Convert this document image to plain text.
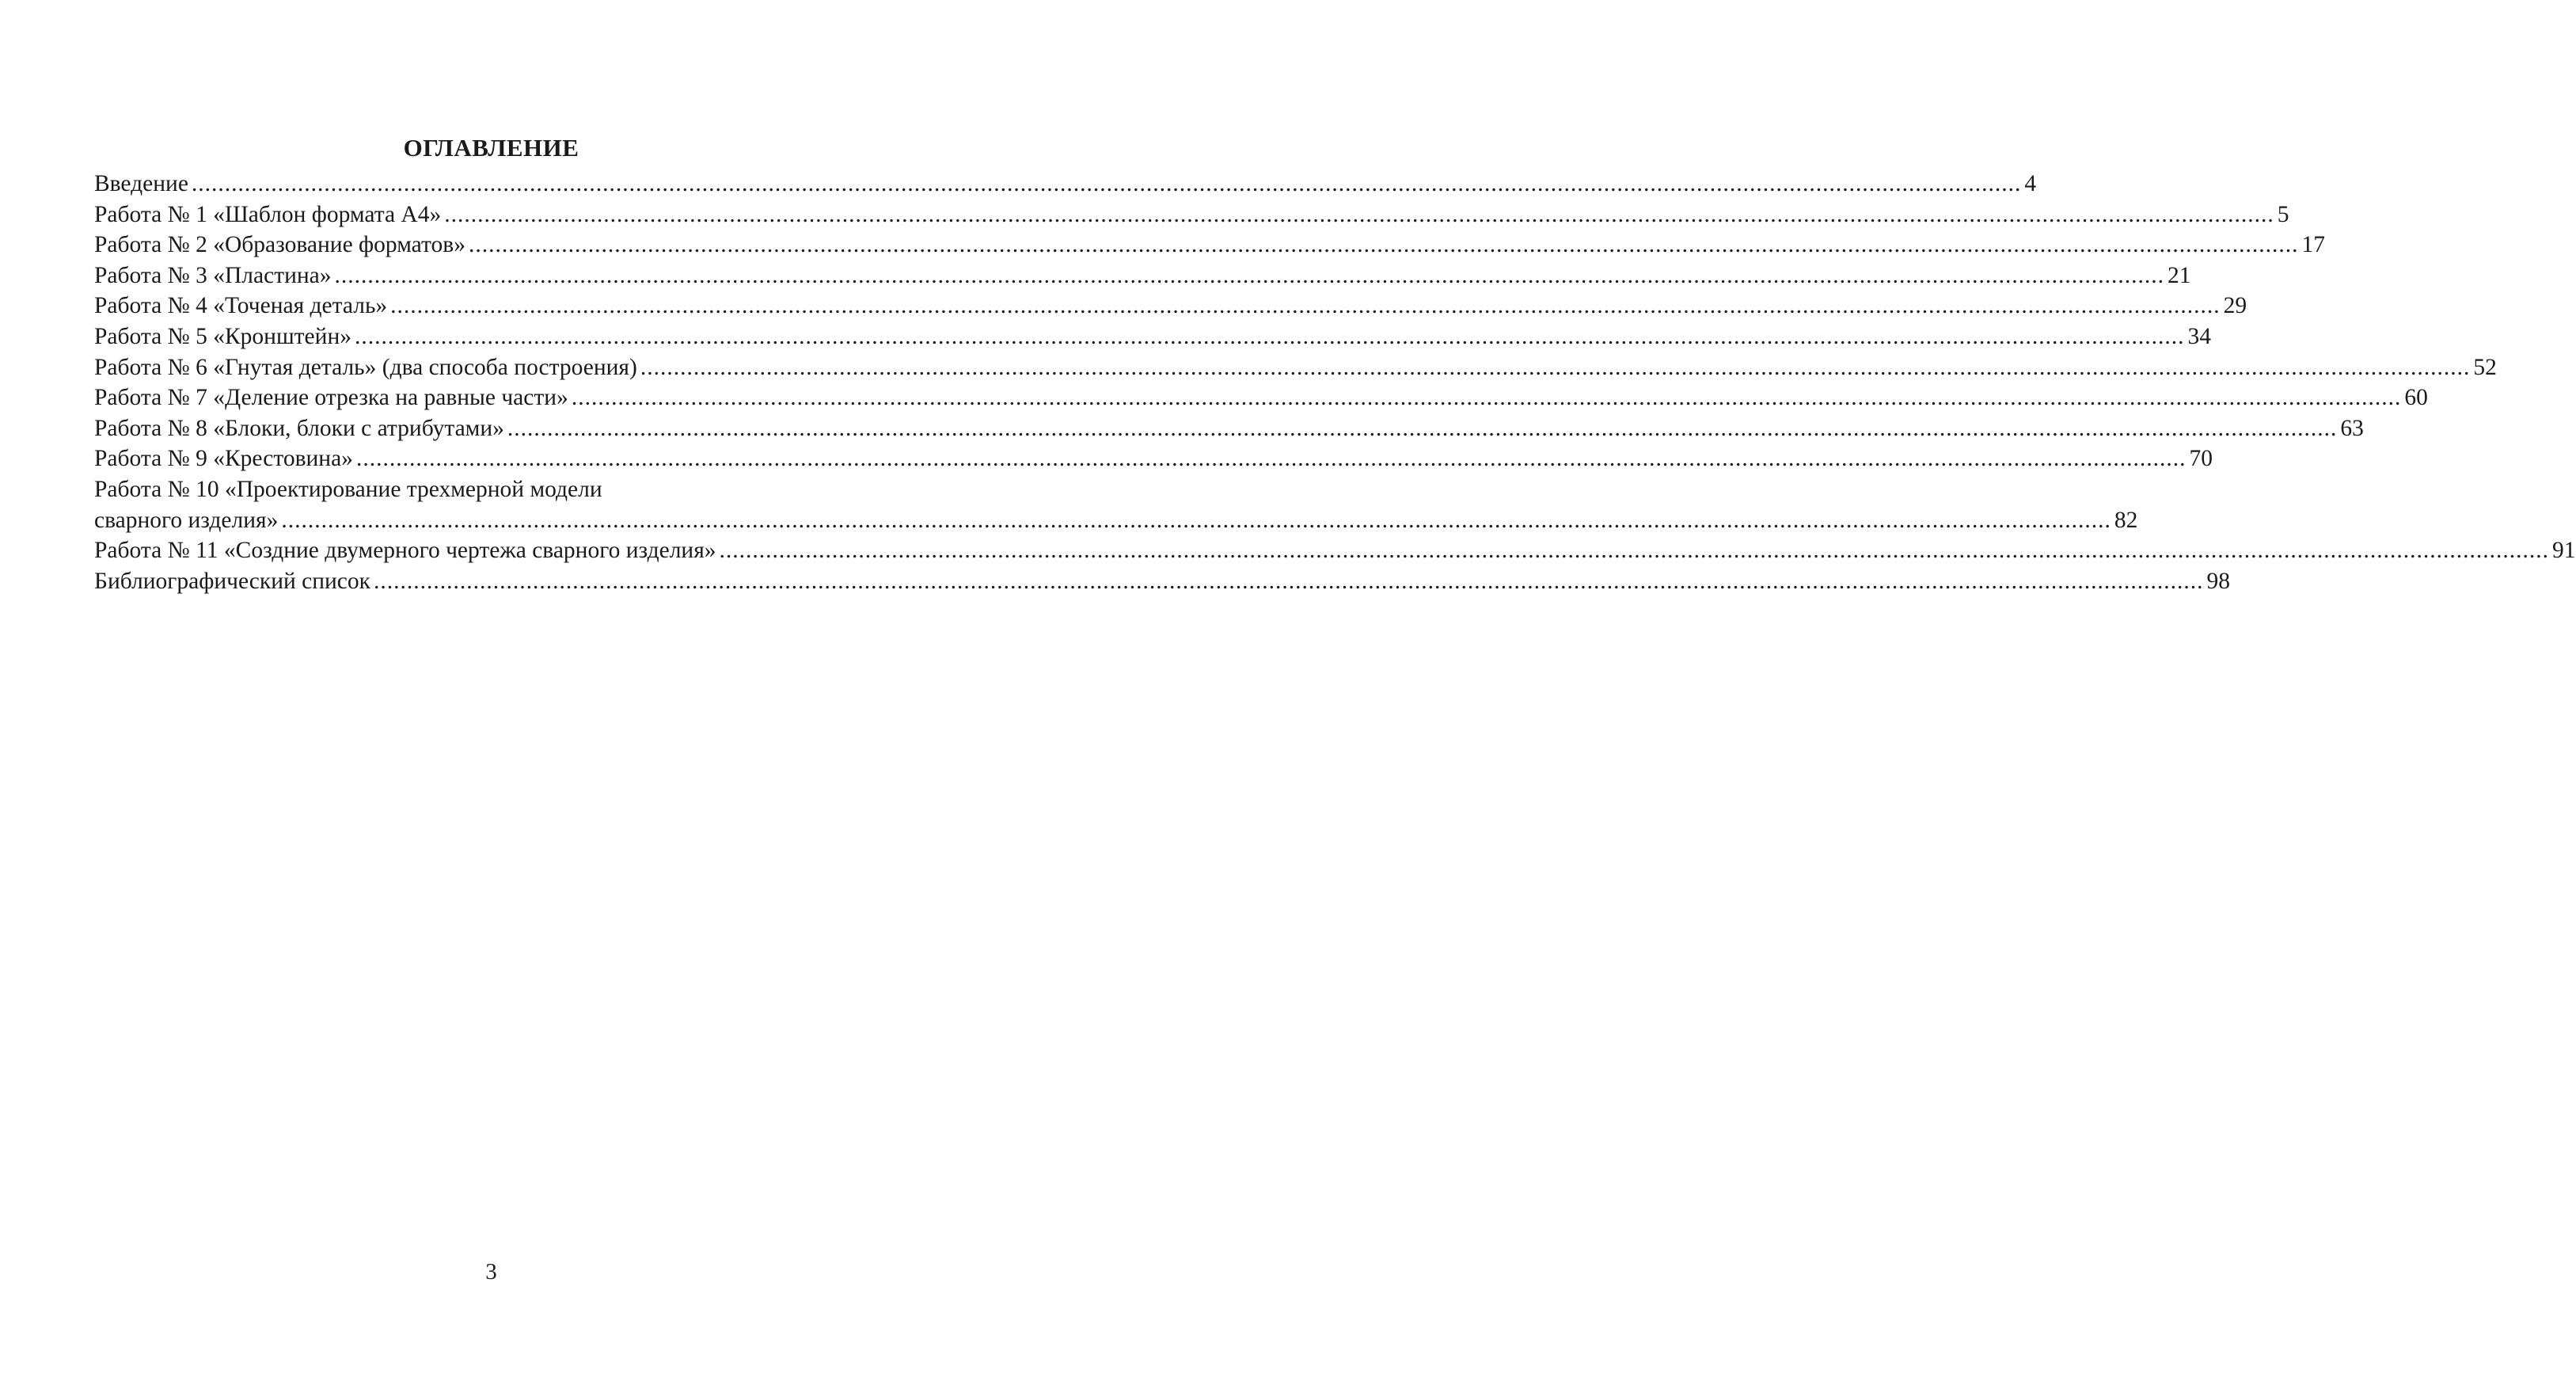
ОГЛАВЛЕНИЕ
Введение .................................................................................................................................................................................................................................................................................... 4
Работа № 1 «Шаблон формата А4» .................................................................................................................................................................................................................................................................................... 5
Работа № 2 «Образование форматов» .................................................................................................................................................................................................................................................................................... 17
Работа № 3 «Пластина» .................................................................................................................................................................................................................................................................................... 21
Работа № 4 «Точеная деталь» .................................................................................................................................................................................................................................................................................... 29
Работа № 5 «Кронштейн» .................................................................................................................................................................................................................................................................................... 34
Работа № 6 «Гнутая деталь» (два способа построения) .................................................................................................................................................................................................................................................................................... 52
Работа № 7 «Деление отрезка на равные части» .................................................................................................................................................................................................................................................................................... 60
Работа № 8 «Блоки, блоки с атрибутами» .................................................................................................................................................................................................................................................................................... 63
Работа № 9 «Крестовина» .................................................................................................................................................................................................................................................................................... 70
Работа № 10 «Проектирование трехмерной модели
сварного изделия» .................................................................................................................................................................................................................................................................................... 82
Работа № 11 «Создние двумерного чертежа сварного изделия» .................................................................................................................................................................................................................................................................................... 91
Библиографический список .................................................................................................................................................................................................................................................................................... 98
3
